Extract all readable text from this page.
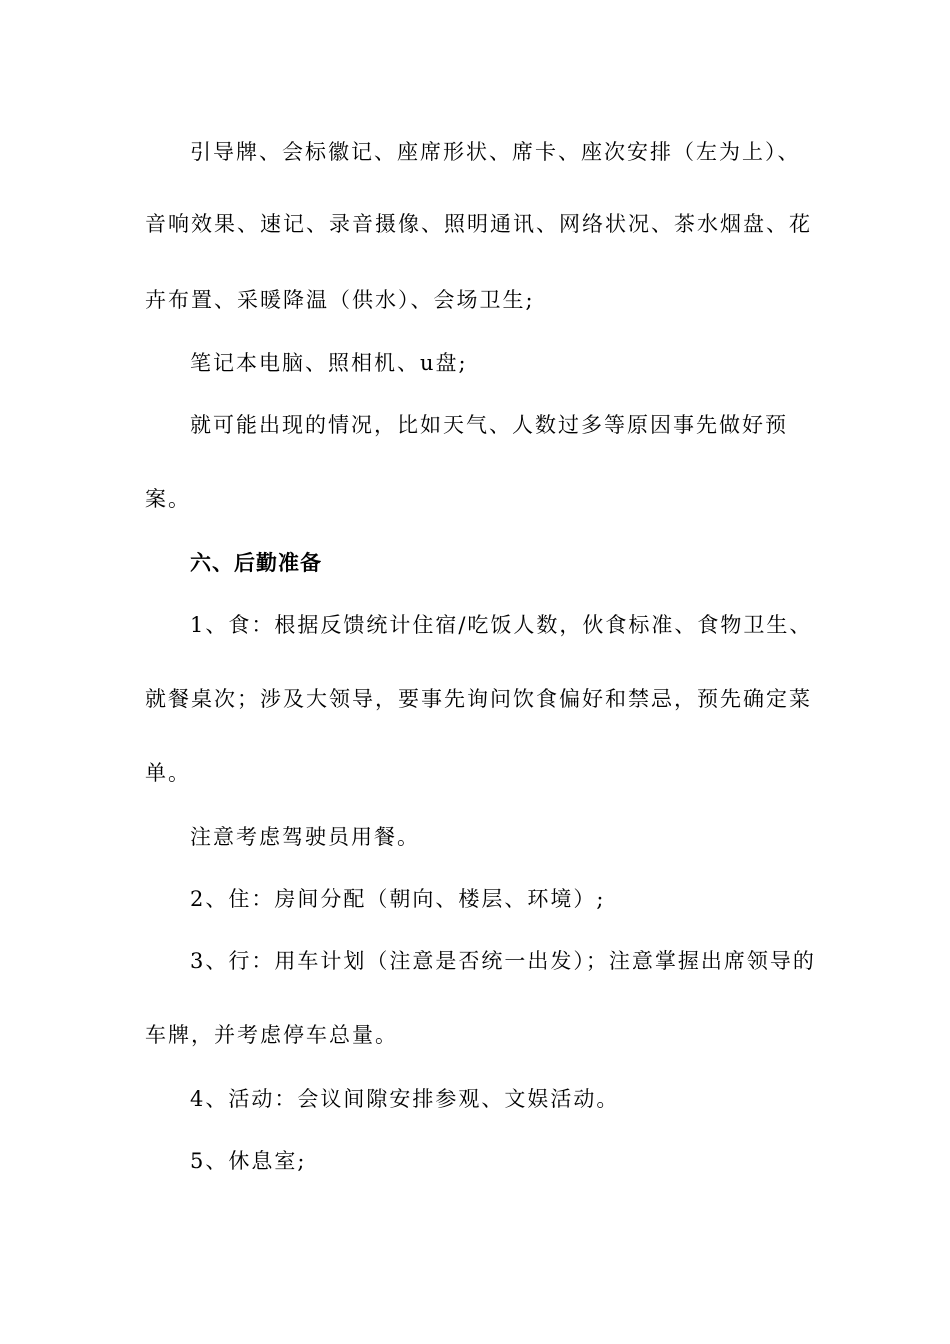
引导牌、会标徽记、座席形状、席卡、座次安排（左为上）、
音响效果、速记、录音摄像、照明通讯、网络状况、茶水烟盘、花
卉布置、采暖降温（供水）、会场卫生;
笔记本电脑、照相机、u盘;
就可能出现的情况，比如天气、人数过多等原因事先做好预
案。
六、后勤准备
1、食：根据反馈统计住宿/吃饭人数，伙食标准、食物卫生、
就餐桌次；涉及大领导，要事先询问饮食偏好和禁忌，预先确定菜
单。
注意考虑驾驶员用餐。
2、住：房间分配（朝向、楼层、环境）;
3、行：用车计划（注意是否统一出发）；注意掌握出席领导的
车牌，并考虑停车总量。
4、活动：会议间隙安排参观、文娱活动。
5、休息室;
